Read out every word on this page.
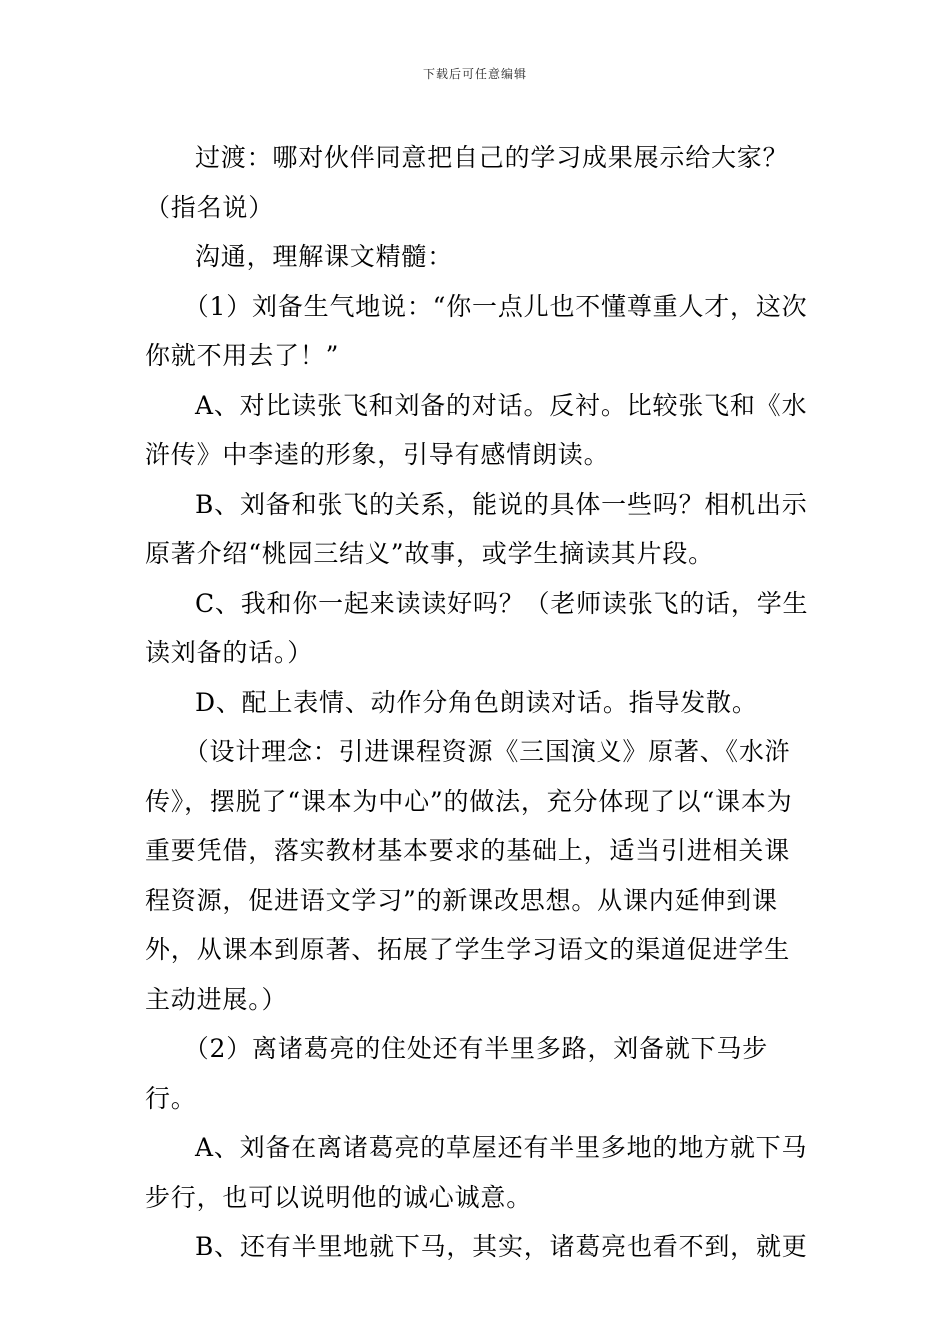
下载后可任意编辑

过渡：哪对伙伴同意把自己的学习成果展示给大家？（指名说）

沟通，理解课文精髓：

（1）刘备生气地说：“你一点儿也不懂尊重人才，这次你就不用去了！”

A、对比读张飞和刘备的对话。反衬。比较张飞和《水浒传》中李逵的形象，引导有感情朗读。

B、刘备和张飞的关系，能说的具体一些吗？相机出示原著介绍“桃园三结义”故事，或学生摘读其片段。

C、我和你一起来读读好吗？（老师读张飞的话，学生读刘备的话。）

D、配上表情、动作分角色朗读对话。指导发散。

（设计理念：引进课程资源《三国演义》原著、《水浒传》，摆脱了“课本为中心”的做法，充分体现了以“课本为重要凭借，落实教材基本要求的基础上，适当引进相关课程资源，促进语文学习”的新课改思想。从课内延伸到课外，从课本到原著、拓展了学生学习语文的渠道促进学生主动进展。）

（2）离诸葛亮的住处还有半里多路，刘备就下马步行。

A、刘备在离诸葛亮的草屋还有半里多地的地方就下马步行，也可以说明他的诚心诚意。

B、还有半里地就下马，其实，诸葛亮也看不到，就更
